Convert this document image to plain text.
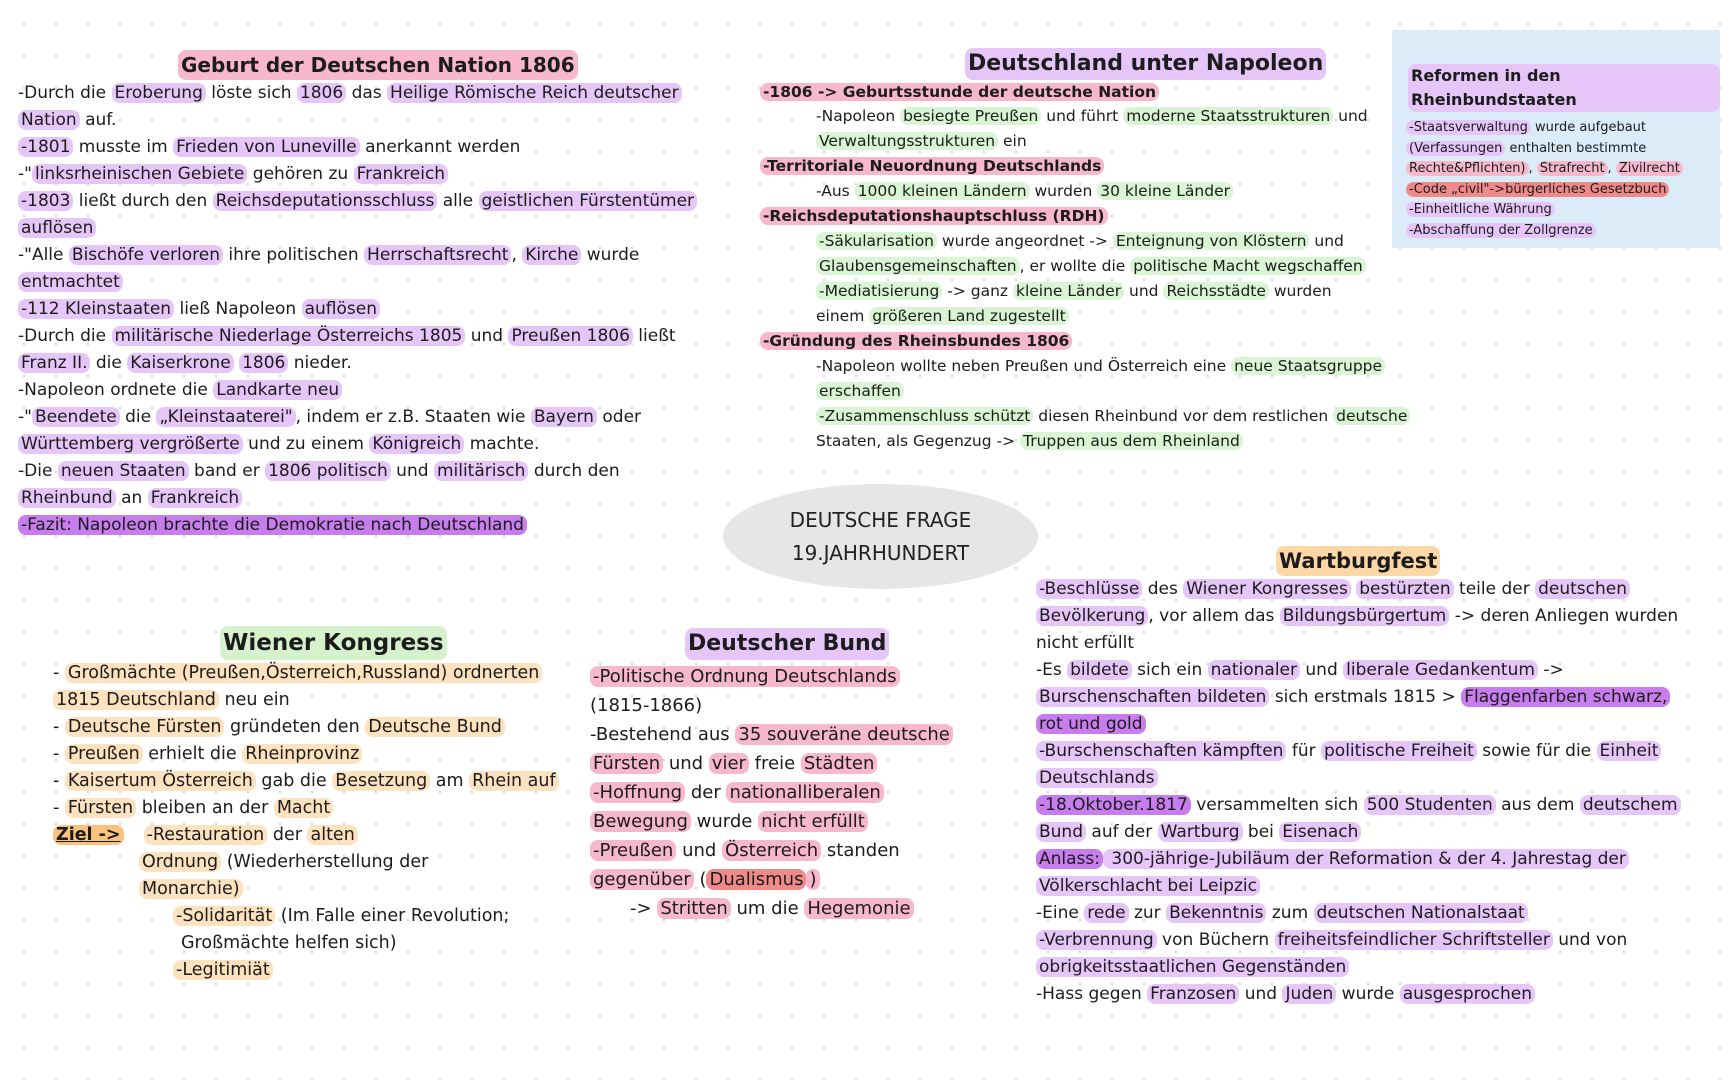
Geburt der Deutschen Nation 1806
-Durch die Eroberung löste sich 1806 das Heilige Römische Reich deutscher
Nation auf.
-1801 musste im Frieden von Luneville anerkannt werden
-" linksrheinischen Gebiete gehören zu Frankreich
-1803 ließt durch den Reichsdeputationsschluss alle geistlichen Fürstentümer
auflösen
-"Alle Bischöfe verloren ihre politischen Herrschaftsrecht , Kirche wurde
entmachtet
-112 Kleinstaaten ließ Napoleon auflösen
-Durch die militärische Niederlage Österreichs 1805 und Preußen 1806 ließt
Franz II. die Kaiserkrone 1806 nieder.
-Napoleon ordnete die Landkarte neu
-" Beendete die „Kleinstaaterei" , indem er z.B. Staaten wie Bayern oder
Württemberg vergrößerte und zu einem Königreich machte.
-Die neuen Staaten band er 1806 politisch und militärisch durch den
Rheinbund an Frankreich
-Fazit: Napoleon brachte die Demokratie nach Deutschland
Deutschland unter Napoleon
-1806 -> Geburtsstunde der deutsche Nation
-Napoleon besiegte Preußen und führt moderne Staatsstrukturen und
Verwaltungsstrukturen ein
-Territoriale Neuordnung Deutschlands
-Aus 1000 kleinen Ländern wurden 30 kleine Länder
-Reichsdeputationshauptschluss (RDH)
-Säkularisation wurde angeordnet -> Enteignung von Klöstern und
Glaubensgemeinschaften , er wollte die politische Macht wegschaffen
-Mediatisierung -> ganz kleine Länder und Reichsstädte wurden
einem größeren Land zugestellt
-Gründung des Rheinsbundes 1806
-Napoleon wollte neben Preußen und Österreich eine neue Staatsgruppe
erschaffen
-Zusammenschluss schützt diesen Rheinbund vor dem restlichen deutsche
Staaten, als Gegenzug -> Truppen aus dem Rheinland
Reformen in den Rheinbundstaaten
-Staatsverwaltung wurde aufgebaut
(Verfassungen enthalten bestimmte
Rechte&Pflichten) , Strafrecht , Zivilrecht
-Code „civil"->bürgerliches Gesetzbuch
-Einheitliche Währung
-Abschaffung der Zollgrenze
DEUTSCHE FRAGE
19.JAHRHUNDERT
Wiener Kongress
- Großmächte (Preußen,Österreich,Russland) ordnerten
1815 Deutschland neu ein
- Deutsche Fürsten gründeten den Deutsche Bund
- Preußen erhielt die Rheinprovinz
- Kaisertum Österreich gab die Besetzung am Rhein auf
- Fürsten bleiben an der Macht
Ziel -> -Restauration der alten
Ordnung (Wiederherstellung der
Monarchie)
-Solidarität (Im Falle einer Revolution;
Großmächte helfen sich)
-Legitimiät
Deutscher Bund
-Politische Ordnung Deutschlands
(1815-1866)
-Bestehend aus 35 souveräne deutsche
Fürsten und vier freie Städten
-Hoffnung der nationalliberalen
Bewegung wurde nicht erfüllt
-Preußen und Österreich standen
gegenüber ( Dualismus )
-> Stritten um die Hegemonie
Wartburgfest
-Beschlüsse des Wiener Kongresses bestürzten teile der deutschen
Bevölkerung , vor allem das Bildungsbürgertum -> deren Anliegen wurden
nicht erfüllt
-Es bildete sich ein nationaler und liberale Gedankentum ->
Burschenschaften bildeten sich erstmals 1815 > Flaggenfarben schwarz,
rot und gold
-Burschenschaften kämpften für politische Freiheit sowie für die Einheit
Deutschlands
-18.Oktober.1817 versammelten sich 500 Studenten aus dem deutschem
Bund auf der Wartburg bei Eisenach
Anlass: 300-jährige-Jubiläum der Reformation & der 4. Jahrestag der
Völkerschlacht bei Leipzic
-Eine rede zur Bekenntnis zum deutschen Nationalstaat
-Verbrennung von Büchern freiheitsfeindlicher Schriftsteller und von
obrigkeitsstaatlichen Gegenständen
-Hass gegen Franzosen und Juden wurde ausgesprochen
